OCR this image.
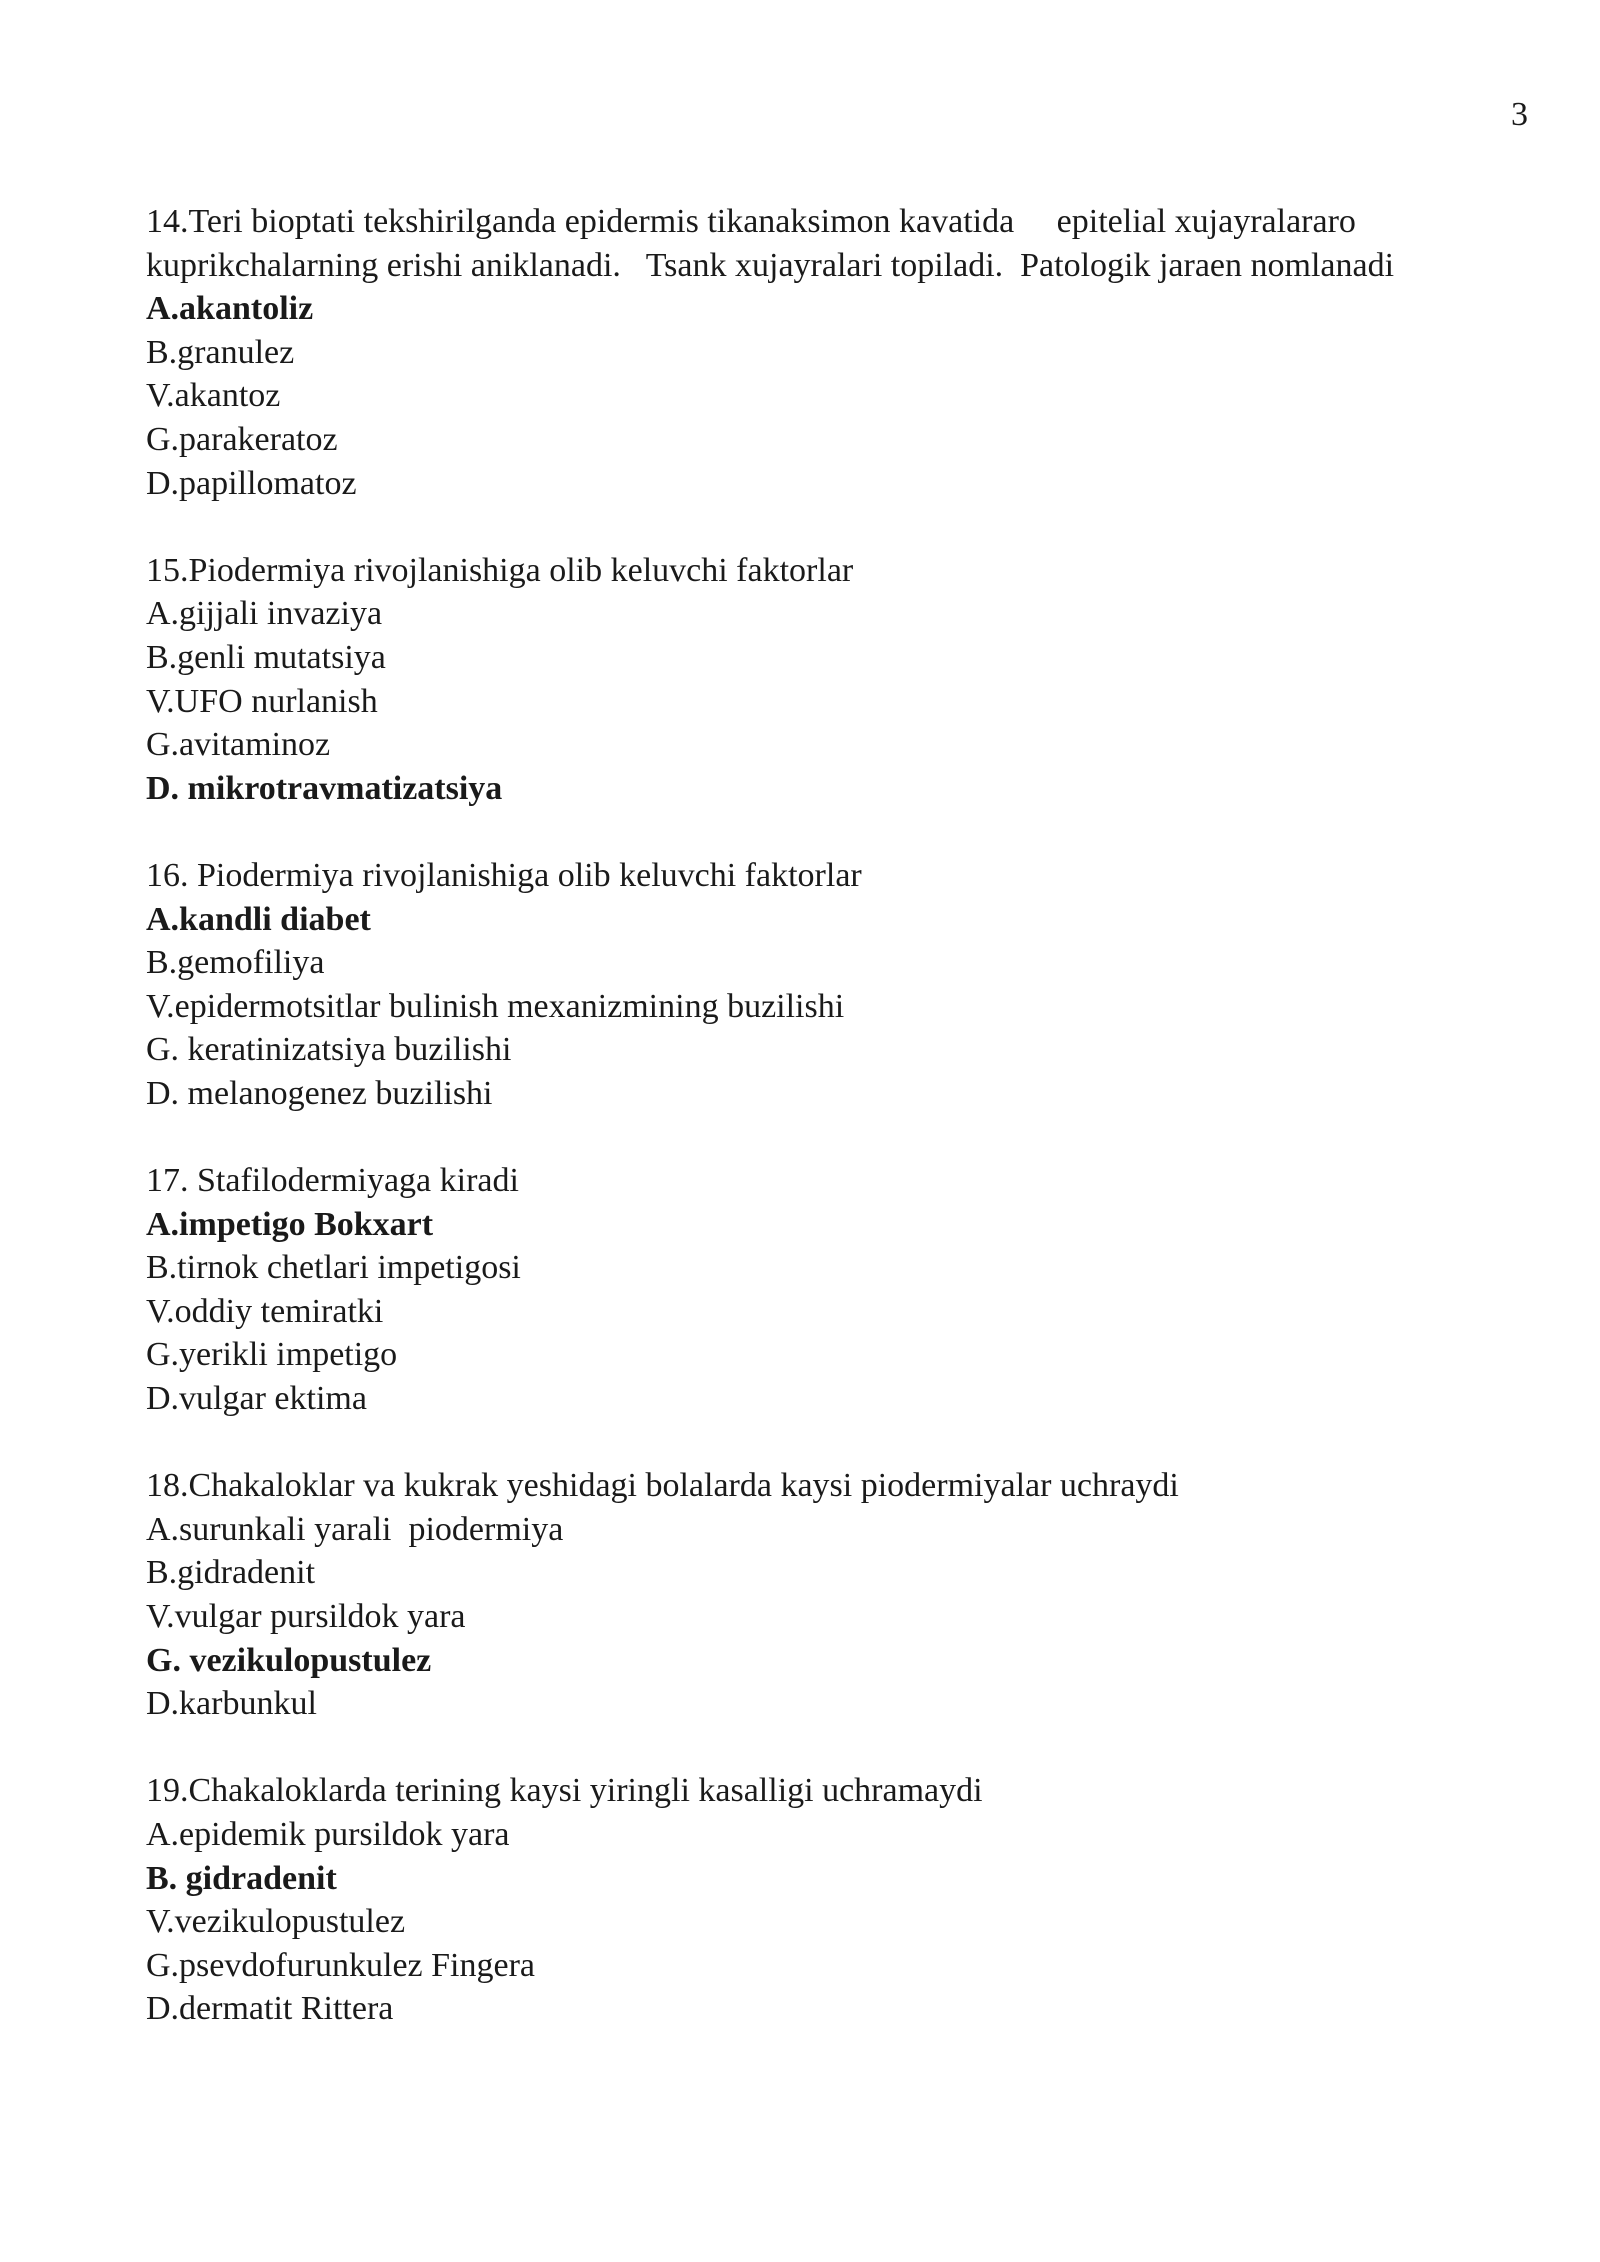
3
14.Teri bioptati tekshirilganda epidermis tikanaksimon kavatida     epitelial xujayralararo kuprikchalarning erishi aniklanadi.   Tsank xujayralari topiladi.  Patologik jaraen nomlanadi
A.akantoliz
B.granulez
V.akantoz
G.parakeratoz
D.papillomatoz
15.Piodermiya rivojlanishiga olib keluvchi faktorlar
A.gijjali invaziya
B.genli mutatsiya
V.UFO nurlanish
G.avitaminoz
D. mikrotravmatizatsiya
16. Piodermiya rivojlanishiga olib keluvchi faktorlar
A.kandli diabet
B.gemofiliya
V.epidermotsitlar bulinish mexanizmining buzilishi
G. keratinizatsiya buzilishi
D. melanogenez buzilishi
17. Stafilodermiyaga kiradi
A.impetigo Bokxart
B.tirnok chetlari impetigosi
V.oddiy temiratki
G.yerikli impetigo
D.vulgar ektima
18.Chakaloklar va kukrak yeshidagi bolalarda kaysi piodermiyalar uchraydi
A.surunkali yarali  piodermiya
B.gidradenit
V.vulgar pursildok yara
G. vezikulopustulez
D.karbunkul
19.Chakaloklarda terining kaysi yiringli kasalligi uchramaydi
A.epidemik pursildok yara
B. gidradenit
V.vezikulopustulez
G.psevdofurunkulez Fingera
D.dermatit Rittera
